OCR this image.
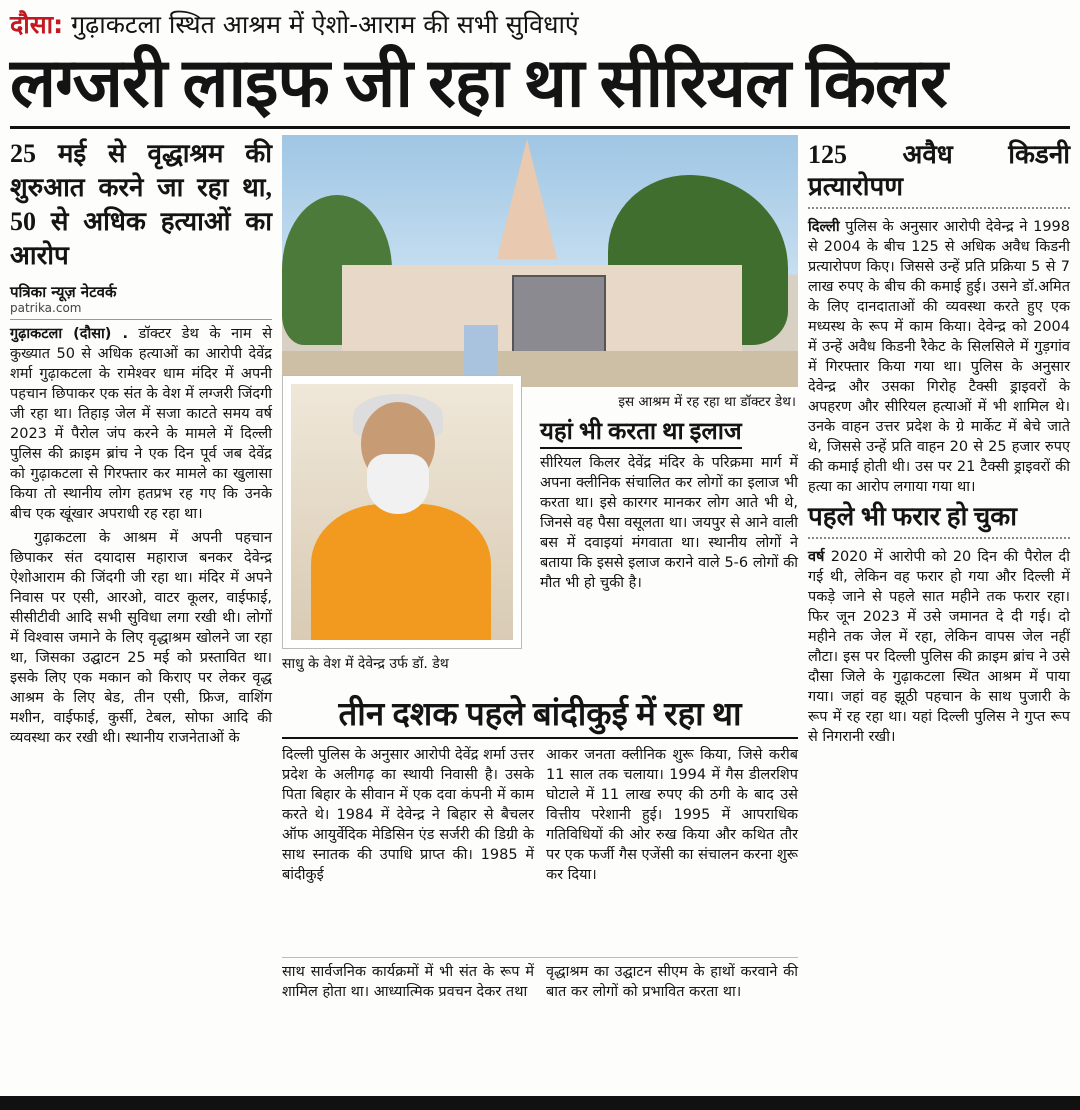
दौसा: गुढ़ाकटला स्थित आश्रम में ऐशो-आराम की सभी सुविधाएं
लग्जरी लाइफ जी रहा था सीरियल किलर
25 मई से वृद्धाश्रम की शुरुआत करने जा रहा था, 50 से अधिक हत्याओं का आरोप
पत्रिका न्यूज़ नेटवर्क
patrika.com

गुढ़ाकटला (दौसा) . डॉक्टर डेथ के नाम से कुख्यात 50 से अधिक हत्याओं का आरोपी देवेंद्र शर्मा गुढ़ाकटला के रामेश्वर धाम मंदिर में अपनी पहचान छिपाकर एक संत के वेश में लग्जरी जिंदगी जी रहा था। तिहाड़ जेल में सजा काटते समय वर्ष 2023 में पैरोल जंप करने के मामले में दिल्ली पुलिस की क्राइम ब्रांच ने एक दिन पूर्व जब देवेंद्र को गुढ़ाकटला से गिरफ्तार कर मामले का खुलासा किया तो स्थानीय लोग हतप्रभ रह गए कि उनके बीच एक खूंखार अपराधी रह रहा था।

गुढ़ाकटला के आश्रम में अपनी पहचान छिपाकर संत दयादास महाराज बनकर देवेन्द्र ऐशोआराम की जिंदगी जी रहा था। मंदिर में अपने निवास पर एसी, आरओ, वाटर कूलर, वाईफाई, सीसीटीवी आदि सभी सुविधा लगा रखी थी। लोगों में विश्वास जमाने के लिए वृद्धाश्रम खोलने जा रहा था, जिसका उद्घाटन 25 मई को प्रस्तावित था। इसके लिए एक मकान को किराए पर लेकर वृद्ध आश्रम के लिए बेड, तीन एसी, फ्रिज, वाशिंग मशीन, वाईफाई, कुर्सी, टेबल, सोफा आदि की व्यवस्था कर रखी थी। स्थानीय राजनेताओं के

इस आश्रम में रह रहा था डॉक्टर डेथ।
साधु के वेश में देवेन्द्र उर्फ डॉ. डेथ
यहां भी करता था इलाज

सीरियल किलर देवेंद्र मंदिर के परिक्रमा मार्ग में अपना क्लीनिक संचालित कर लोगों का इलाज भी करता था। इसे कारगर मानकर लोग आते भी थे, जिनसे वह पैसा वसूलता था। जयपुर से आने वाली बस में दवाइयां मंगवाता था। स्थानीय लोगों ने बताया कि इससे इलाज कराने वाले 5-6 लोगों की मौत भी हो चुकी है।

तीन दशक पहले बांदीकुई में रहा था
दिल्ली पुलिस के अनुसार आरोपी देवेंद्र शर्मा उत्तर प्रदेश के अलीगढ़ का स्थायी निवासी है। उसके पिता बिहार के सीवान में एक दवा कंपनी में काम करते थे। 1984 में देवेन्द्र ने बिहार से बैचलर ऑफ आयुर्वेदिक मेडिसिन एंड सर्जरी की डिग्री के साथ स्नातक की उपाधि प्राप्त की। 1985 में बांदीकुई
आकर जनता क्लीनिक शुरू किया, जिसे करीब 11 साल तक चलाया। 1994 में गैस डीलरशिप घोटाले में 11 लाख रुपए की ठगी के बाद उसे वित्तीय परेशानी हुई। 1995 में आपराधिक गतिविधियों की ओर रुख किया और कथित तौर पर एक फर्जी गैस एजेंसी का संचालन करना शुरू कर दिया।
साथ सार्वजनिक कार्यक्रमों में भी संत के रूप में शामिल होता था। आध्यात्मिक प्रवचन देकर तथा
वृद्धाश्रम का उद्घाटन सीएम के हाथों करवाने की बात कर लोगों को प्रभावित करता था।
125 अवैध किडनी प्रत्यारोपण

दिल्ली पुलिस के अनुसार आरोपी देवेन्द्र ने 1998 से 2004 के बीच 125 से अधिक अवैध किडनी प्रत्यारोपण किए। जिससे उन्हें प्रति प्रक्रिया 5 से 7 लाख रुपए के बीच की कमाई हुई। उसने डॉ.अमित के लिए दानदाताओं की व्यवस्था करते हुए एक मध्यस्थ के रूप में काम किया। देवेन्द्र को 2004 में उन्हें अवैध किडनी रैकेट के सिलसिले में गुड़गांव में गिरफ्तार किया गया था। पुलिस के अनुसार देवेन्द्र और उसका गिरोह टैक्सी ड्राइवरों के अपहरण और सीरियल हत्याओं में भी शामिल थे। उनके वाहन उत्तर प्रदेश के ग्रे मार्केट में बेचे जाते थे, जिससे उन्हें प्रति वाहन 20 से 25 हजार रुपए की कमाई होती थी। उस पर 21 टैक्सी ड्राइवरों की हत्या का आरोप लगाया गया था।

पहले भी फरार हो चुका

वर्ष 2020 में आरोपी को 20 दिन की पैरोल दी गई थी, लेकिन वह फरार हो गया और दिल्ली में पकड़े जाने से पहले सात महीने तक फरार रहा। फिर जून 2023 में उसे जमानत दे दी गई। दो महीने तक जेल में रहा, लेकिन वापस जेल नहीं लौटा। इस पर दिल्ली पुलिस की क्राइम ब्रांच ने उसे दौसा जिले के गुढ़ाकटला स्थित आश्रम में पाया गया। जहां वह झूठी पहचान के साथ पुजारी के रूप में रह रहा था। यहां दिल्ली पुलिस ने गुप्त रूप से निगरानी रखी।
